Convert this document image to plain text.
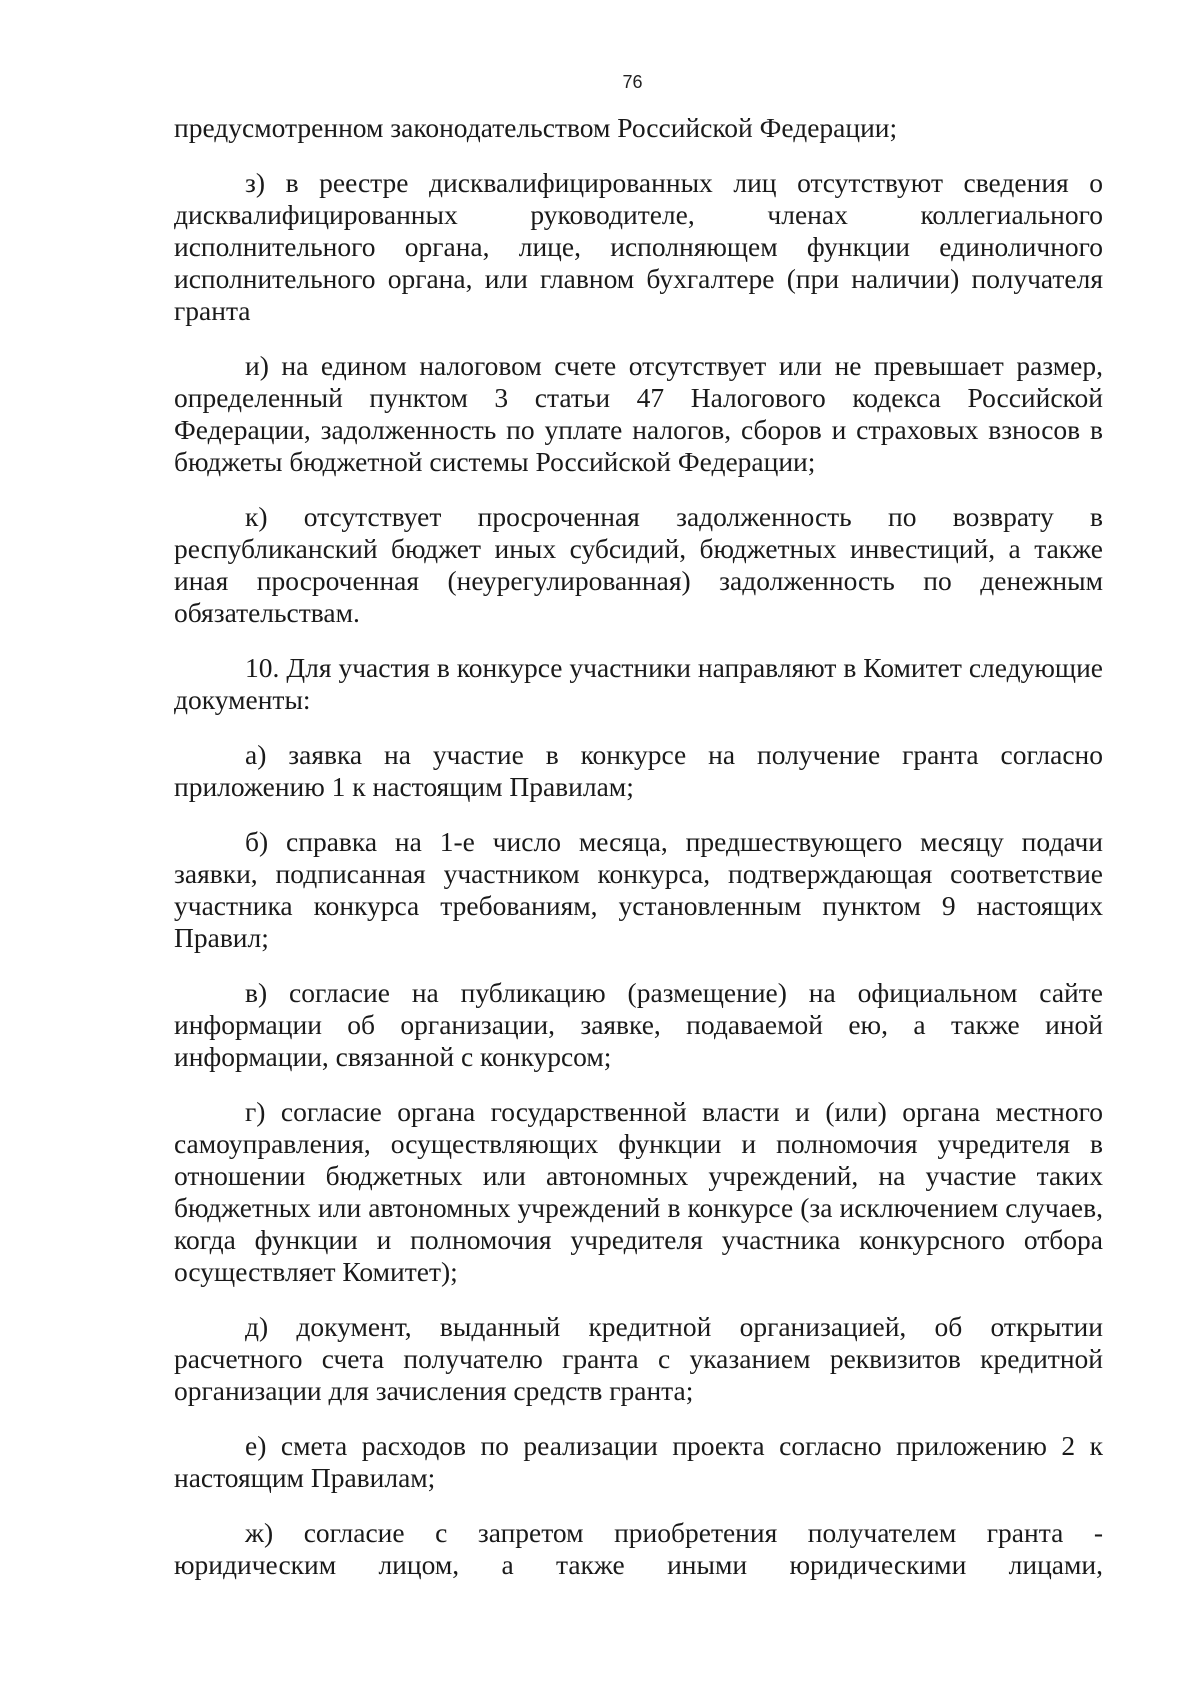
76

предусмотренном законодательством Российской Федерации;

з) в реестре дисквалифицированных лиц отсутствуют сведения о дисквалифицированных руководителе, членах коллегиального исполнительного органа, лице, исполняющем функции единоличного исполнительного органа, или главном бухгалтере (при наличии) получателя гранта

и) на едином налоговом счете отсутствует или не превышает размер, определенный пунктом 3 статьи 47 Налогового кодекса Российской Федерации, задолженность по уплате налогов, сборов и страховых взносов в бюджеты бюджетной системы Российской Федерации;

к) отсутствует просроченная задолженность по возврату в республиканский бюджет иных субсидий, бюджетных инвестиций, а также иная просроченная (неурегулированная) задолженность по денежным обязательствам.

10. Для участия в конкурсе участники направляют в Комитет следующие документы:

а) заявка на участие в конкурсе на получение гранта согласно приложению 1 к настоящим Правилам;

б) справка на 1-е число месяца, предшествующего месяцу подачи заявки, подписанная участником конкурса, подтверждающая соответствие участника конкурса требованиям, установленным пунктом 9 настоящих Правил;

в) согласие на публикацию (размещение) на официальном сайте информации об организации, заявке, подаваемой ею, а также иной информации, связанной с конкурсом;

г) согласие органа государственной власти и (или) органа местного самоуправления, осуществляющих функции и полномочия учредителя в отношении бюджетных или автономных учреждений, на участие таких бюджетных или автономных учреждений в конкурсе (за исключением случаев, когда функции и полномочия учредителя участника конкурсного отбора осуществляет Комитет);

д) документ, выданный кредитной организацией, об открытии расчетного счета получателю гранта с указанием реквизитов кредитной организации для зачисления средств гранта;

е) смета расходов по реализации проекта согласно приложению 2 к настоящим Правилам;

ж) согласие с запретом приобретения получателем гранта - юридическим лицом, а также иными юридическими лицами,
